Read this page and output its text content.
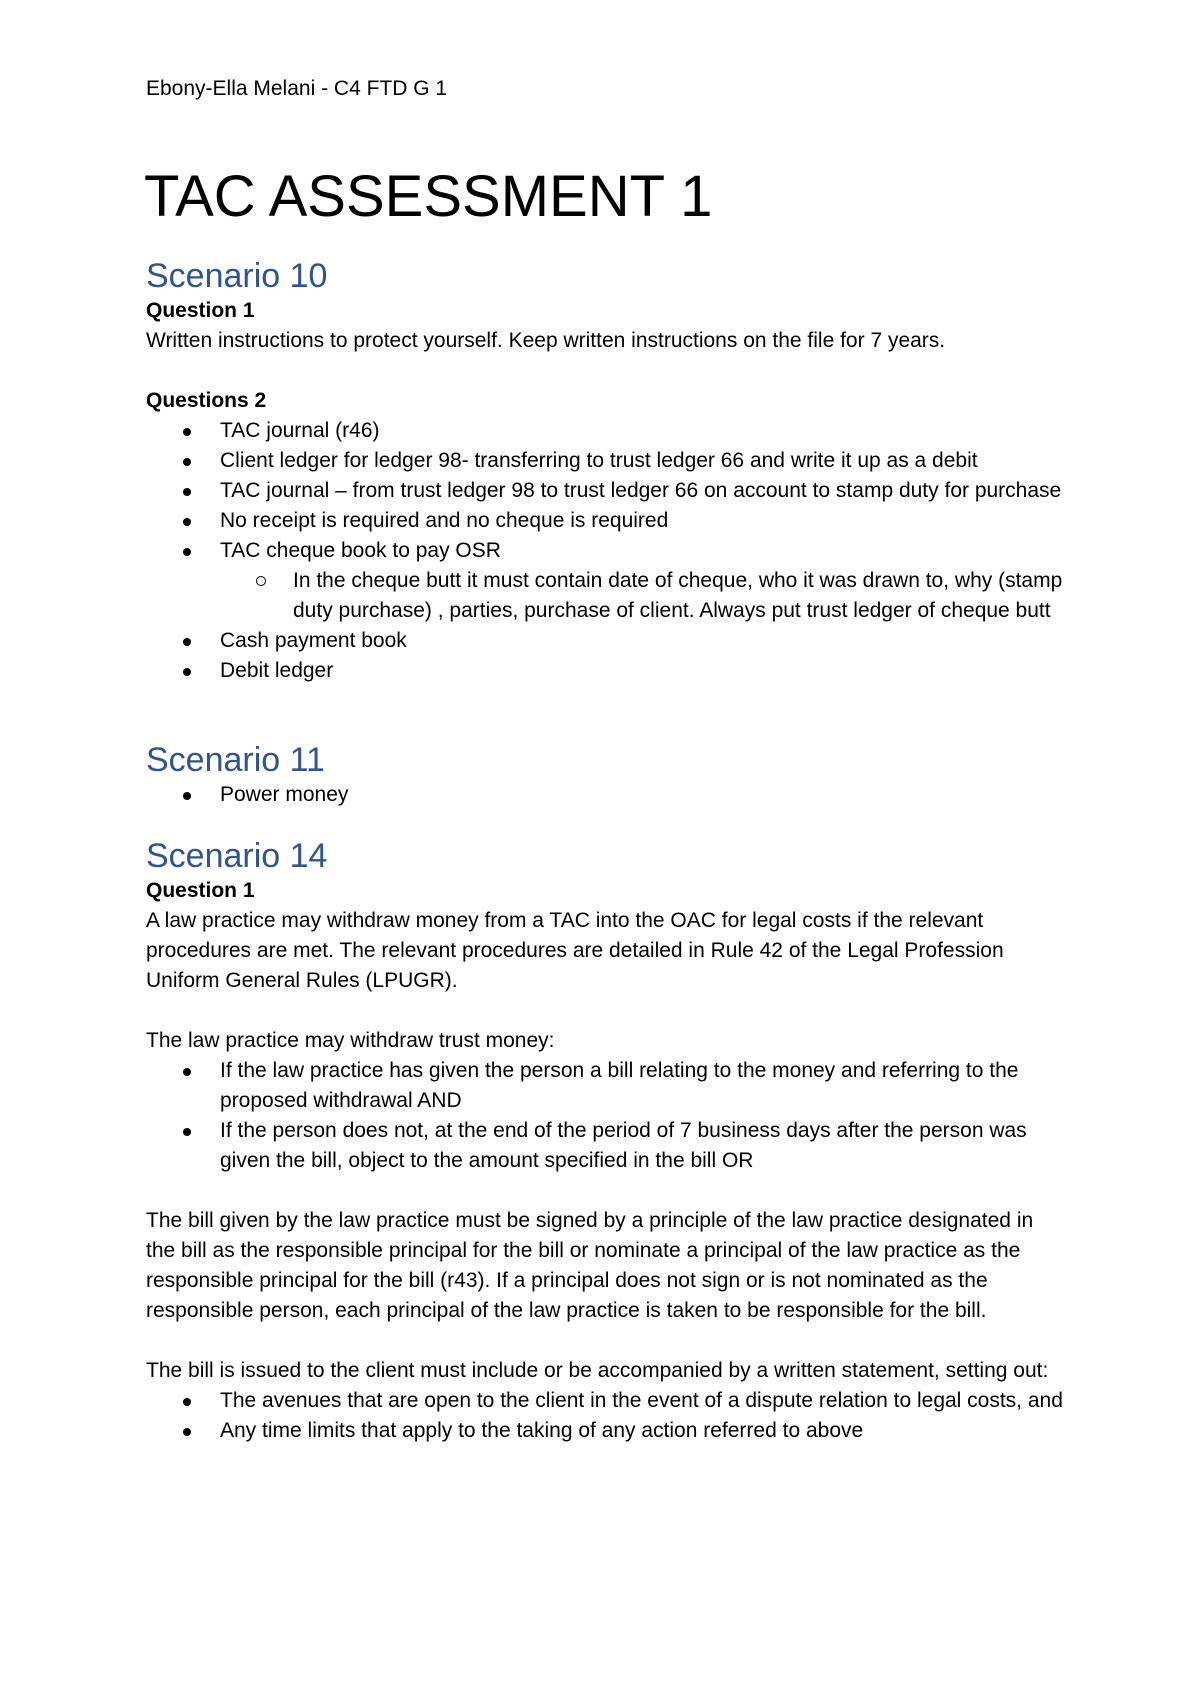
Ebony-Ella Melani - C4 FTD G 1

TAC ASSESSMENT 1
Scenario 10

Question 1

Written instructions to protect yourself. Keep written instructions on the file for 7 years.

Questions 2

TAC journal (r46)
Client ledger for ledger 98- transferring to trust ledger 66 and write it up as a debit
TAC journal – from trust ledger 98 to trust ledger 66 on account to stamp duty for purchase
No receipt is required and no cheque is required
TAC cheque book to pay OSR
In the cheque butt it must contain date of cheque, who it was drawn to, why (stamp duty purchase) , parties, purchase of client. Always put trust ledger of cheque butt
Cash payment book
Debit ledger
Scenario 11
Power money
Scenario 14

Question 1

A law practice may withdraw money from a TAC into the OAC for legal costs if the relevant procedures are met. The relevant procedures are detailed in Rule 42 of the Legal Profession Uniform General Rules (LPUGR).

The law practice may withdraw trust money:

If the law practice has given the person a bill relating to the money and referring to the proposed withdrawal AND
If the person does not, at the end of the period of 7 business days after the person was given the bill, object to the amount specified in the bill OR

The bill given by the law practice must be signed by a principle of the law practice designated in the bill as the responsible principal for the bill or nominate a principal of the law practice as the responsible principal for the bill (r43). If a principal does not sign or is not nominated as the responsible person, each principal of the law practice is taken to be responsible for the bill.

The bill is issued to the client must include or be accompanied by a written statement, setting out:

The avenues that are open to the client in the event of a dispute relation to legal costs, and
Any time limits that apply to the taking of any action referred to above
